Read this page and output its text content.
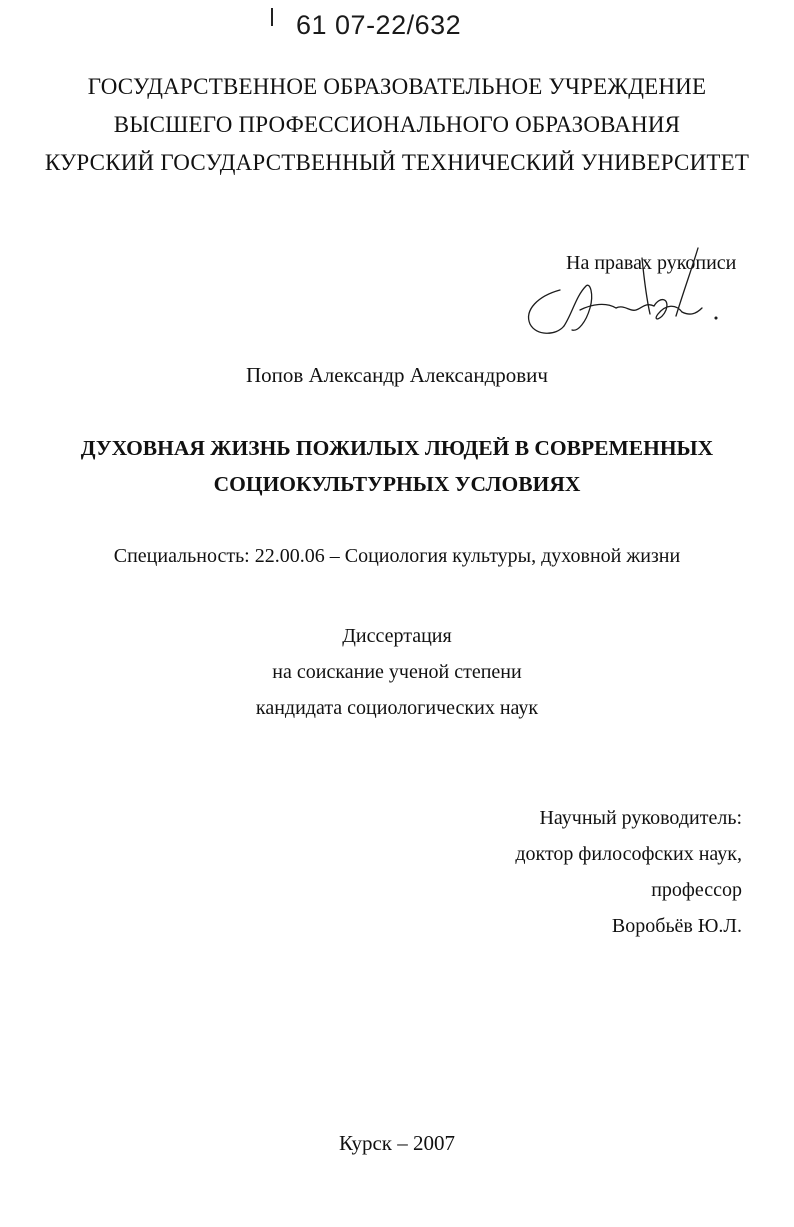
61 07-22/632
ГОСУДАРСТВЕННОЕ ОБРАЗОВАТЕЛЬНОЕ УЧРЕЖДЕНИЕ
ВЫСШЕГО ПРОФЕССИОНАЛЬНОГО ОБРАЗОВАНИЯ
КУРСКИЙ ГОСУДАРСТВЕННЫЙ ТЕХНИЧЕСКИЙ УНИВЕРСИТЕТ
На правах рукописи
Попов Александр Александрович
ДУХОВНАЯ ЖИЗНЬ ПОЖИЛЫХ ЛЮДЕЙ В СОВРЕМЕННЫХ
СОЦИОКУЛЬТУРНЫХ УСЛОВИЯХ
Специальность: 22.00.06 – Социология культуры, духовной жизни
Диссертация
на соискание ученой степени
кандидата социологических наук
Научный руководитель:
доктор философских наук,
профессор
Воробьёв Ю.Л.
Курск – 2007
